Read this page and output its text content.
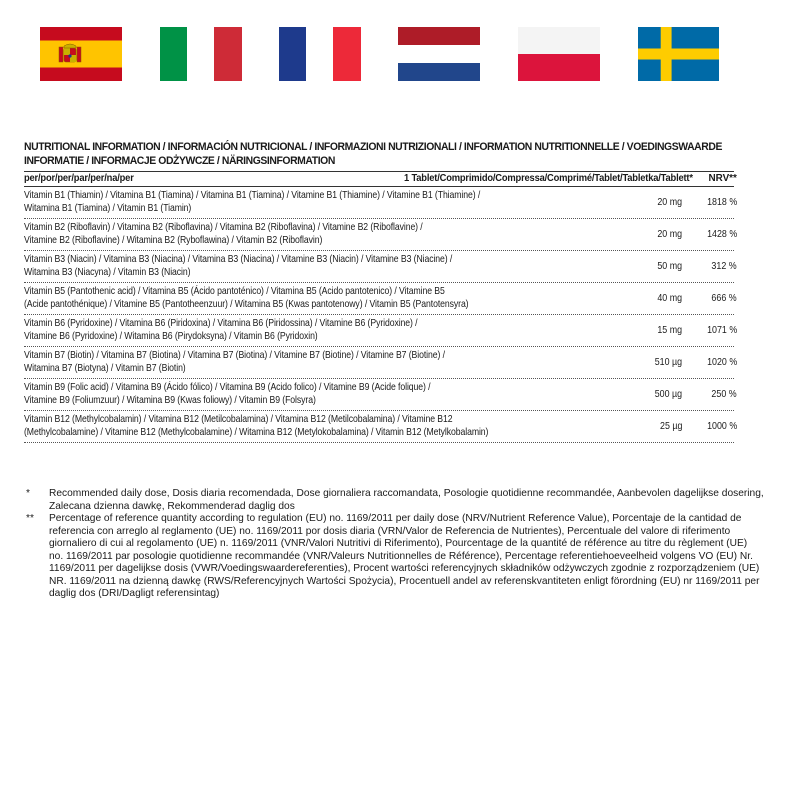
NUTRITIONAL INFORMATION / INFORMACIÓN NUTRICIONAL / INFORMAZIONI NUTRIZIONALI / INFORMATION NUTRITIONNELLE / VOEDINGSWAARDE
INFORMATIE / INFORMACJE ODŻYWCZE / NÄRINGSINFORMATION
per/por/per/par/per/na/per	1 Tablet/Comprimido/Compressa/Comprimé/Tablet/Tabletka/Tablett* NRV**
Vitamin B1 (Thiamin) / Vitamina B1 (Tiamina) / Vitamina B1 (Tiamina) / Vitamine B1 (Thiamine) / Vitamine B1 (Thiamine) /
Witamina B1 (Tiamina) / Vitamin B1 (Tiamin)
20 mg 1818 %
Vitamin B2 (Riboflavin) / Vitamina B2 (Riboflavina) / Vitamina B2 (Riboflavina) / Vitamine B2 (Riboflavine) /
Vitamine B2 (Riboflavine) / Witamina B2 (Ryboflawina) / Vitamin B2 (Riboflavin)
20 mg 1428 %
Vitamin B3 (Niacin) / Vitamina B3 (Niacina) / Vitamina B3 (Niacina) / Vitamine B3 (Niacin) / Vitamine B3 (Niacine) /
Witamina B3 (Niacyna) / Vitamin B3 (Niacin)
50 mg	312 %
Vitamin B5 (Pantothenic acid) / Vitamina B5 (Ácido pantoténico) / Vitamina B5 (Acido pantotenico) / Vitamine B5
(Acide pantothénique) / Vitamine B5 (Pantotheenzuur) / Witamina B5 (Kwas pantotenowy) / Vitamin B5 (Pantotensyra)
40 mg	666 %
Vitamin B6 (Pyridoxine) / Vitamina B6 (Piridoxina) / Vitamina B6 (Piridossina) / Vitamine B6 (Pyridoxine) /
Vitamine B6 (Pyridoxine) / Witamina B6 (Pirydoksyna) / Vitamin B6 (Pyridoxin)
15 mg 1071 %
Vitamin B7 (Biotin) / Vitamina B7 (Biotina) / Vitamina B7 (Biotina) / Vitamine B7 (Biotine) / Vitamine B7 (Biotine) /
Witamina B7 (Biotyna) / Vitamin B7 (Biotin)
510 µg 1020 %
Vitamin B9 (Folic acid) / Vitamina B9 (Ácido fólico) / Vitamina B9 (Acido folico) / Vitamine B9 (Acide folique) /
Vitamine B9 (Foliumzuur) / Witamina B9 (Kwas foliowy) / Vitamin B9 (Folsyra)
500 µg	250 %
Vitamin B12 (Methylcobalamin) / Vitamina B12 (Metilcobalamina) / Vitamina B12 (Metilcobalamina) / Vitamine B12
(Methylcobalamine) / Vitamine B12 (Methylcobalamine) / Witamina B12 (Metylokobalamina) / Vitamin B12 (Metylkobalamin)
25 µg 1000 %
* Recommended daily dose, Dosis diaria recomendada, Dose giornaliera raccomandata, Posologie quotidienne recommandée, Aanbevolen dagelijkse dosering, Zalecana dzienna dawkę, Rekommenderad daglig dos
** Percentage of reference quantity according to regulation (EU) no. 1169/2011 per daily dose (NRV/Nutrient Reference Value), Porcentaje de la cantidad de referencia con arreglo al reglamento (UE) no. 1169/2011 por dosis diaria (VRN/Valor de Referencia de Nutrientes), Percentuale del valore di riferimento giornaliero di cui al regolamento (UE) n. 1169/2011 (VNR/Valori Nutritivi di Riferimento), Pourcentage de la quantité de référence au titre du règlement (UE) no. 1169/2011 par posologie quotidienne recommandée (VNR/Valeurs Nutritionnelles de Référence), Percentage referentiehoeveelheid volgens VO (EU) Nr. 1169/2011 per dagelijkse dosis (VWR/Voedingswaardereferenties), Procent wartości referencyjnych składników odżywczych zgodnie z rozporządzeniem (UE) NR. 1169/2011 na dzienną dawkę (RWS/Referencyjnych Wartości Spożycia), Procentuell andel av referenskvantiteten enligt förordning (EU) nr 1169/2011 per daglig dos (DRI/Dagligt referensintag)
